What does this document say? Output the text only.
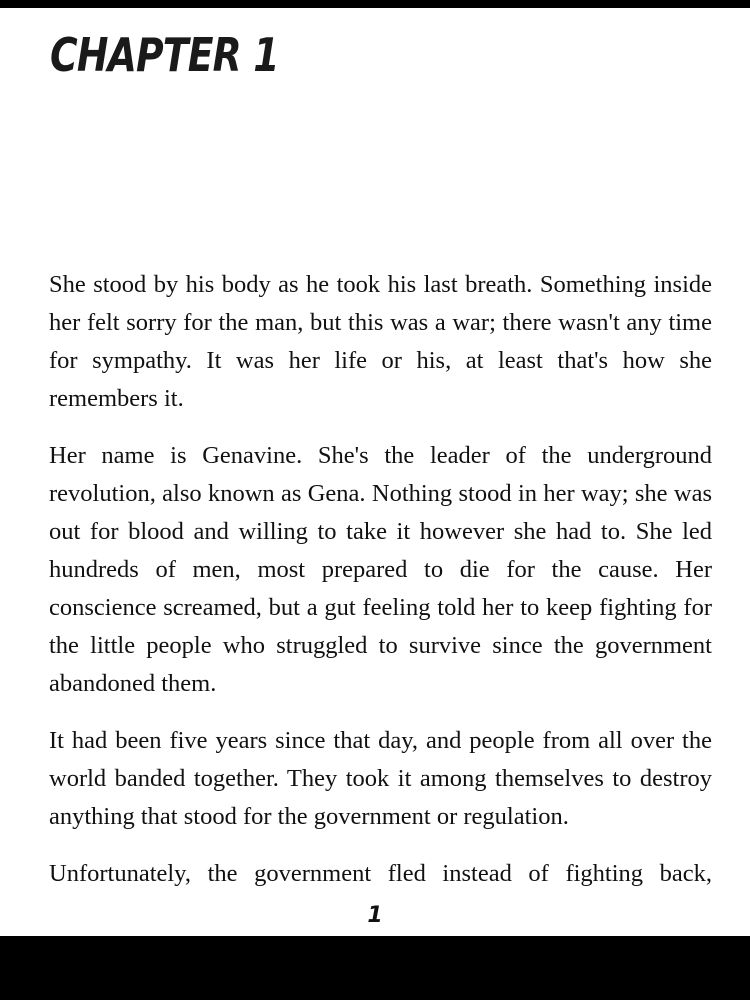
CHAPTER 1

She stood by his body as he took his last breath. Something inside her felt sorry for the man, but this was a war; there wasn't any time for sympathy. It was her life or his, at least that's how she remembers it.

Her name is Genavine. She's the leader of the underground revolution, also known as Gena. Nothing stood in her way; she was out for blood and willing to take it however she had to. She led hundreds of men, most prepared to die for the cause. Her conscience screamed, but a gut feeling told her to keep fighting for the little people who struggled to survive since the government abandoned them.

It had been five years since that day, and people from all over the world banded together. They took it among themselves to destroy anything that stood for the government or regulation.

Unfortunately, the government fled instead of fighting back,

1
